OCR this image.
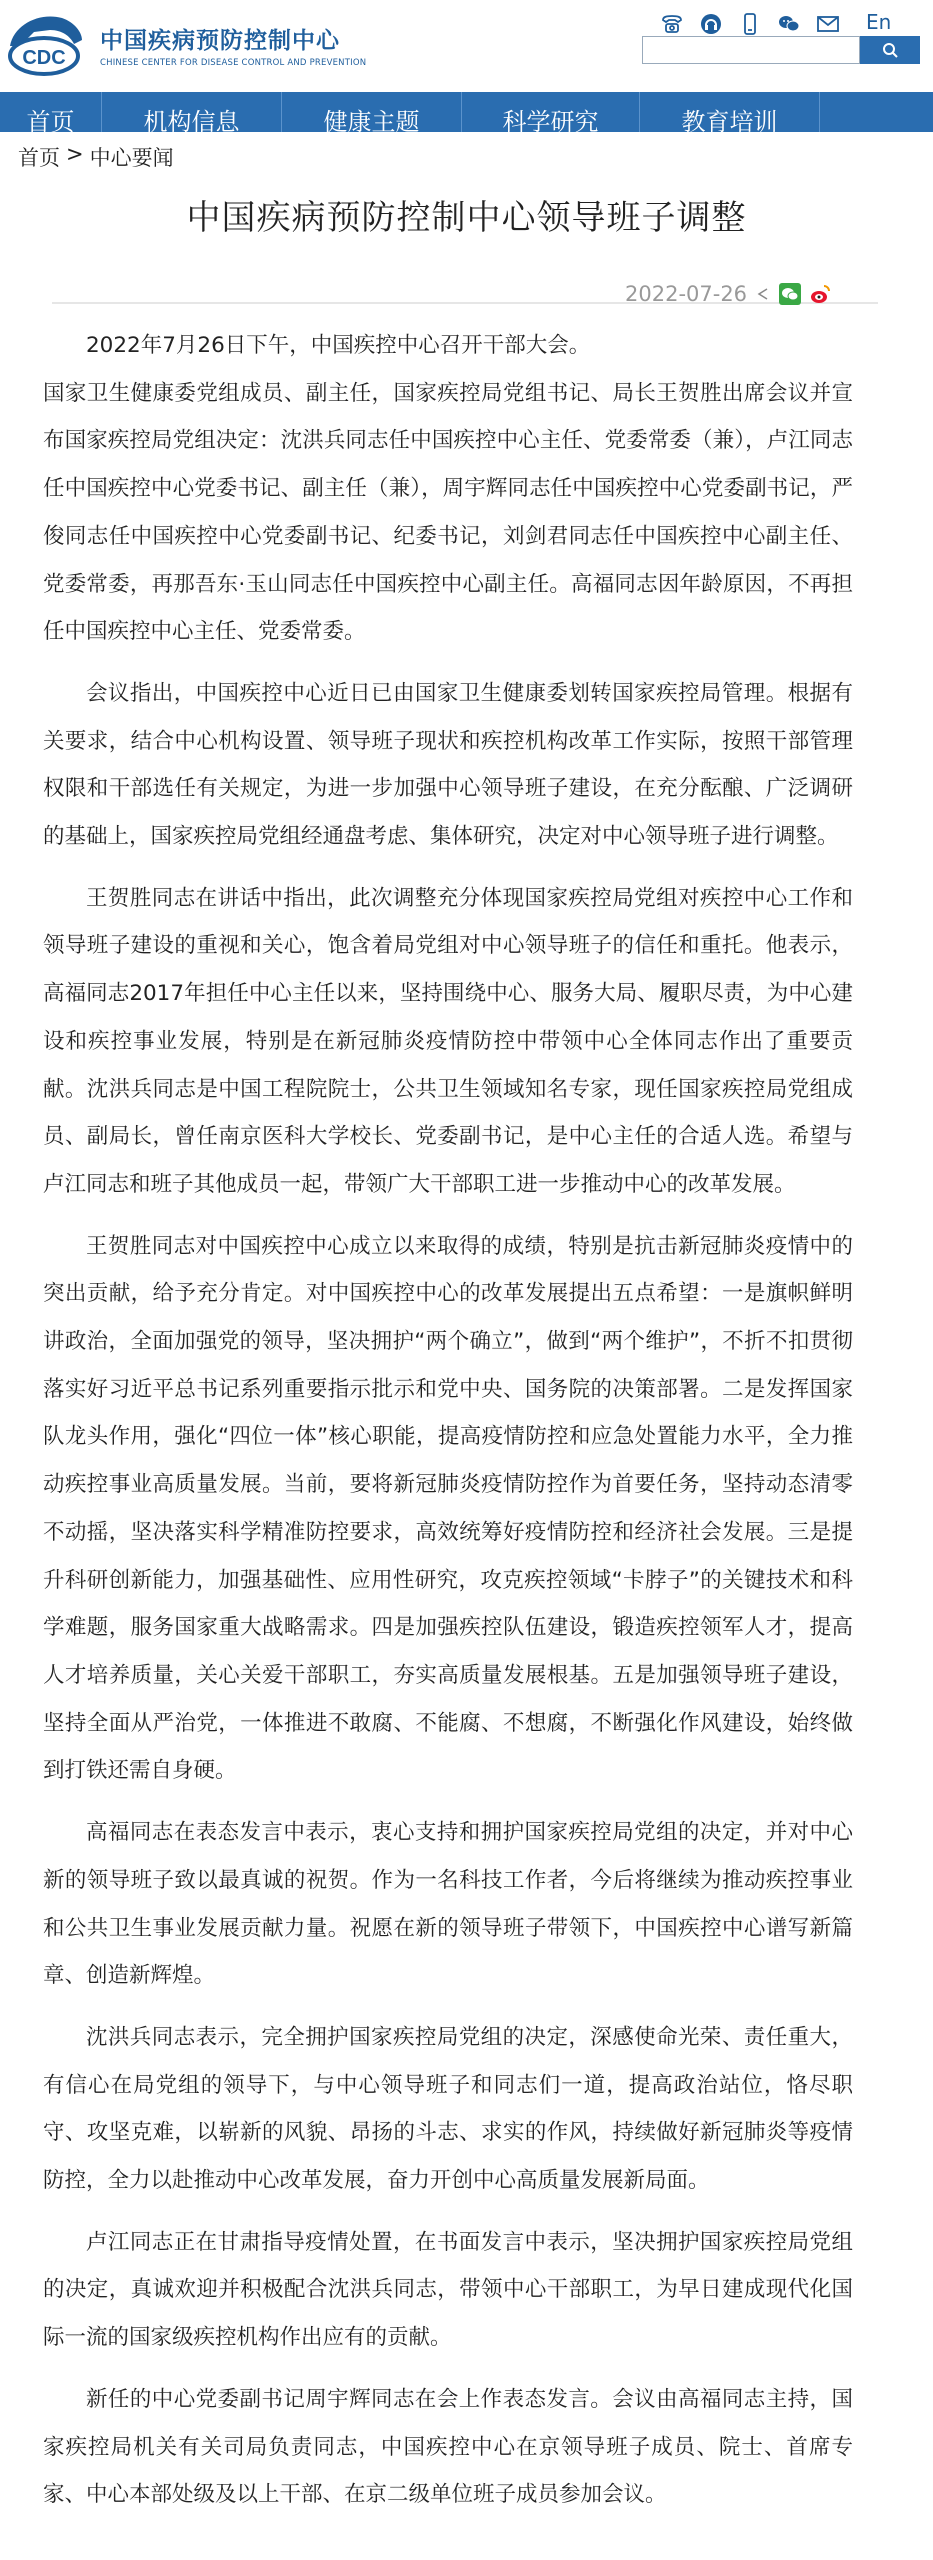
CDC
中国疾病预防控制中心
CHINESE CENTER FOR DISEASE CONTROL AND PREVENTION
En
首页	机构信息	健康主题	科学研究	教育培训
首页 > 中心要闻
中国疾病预防控制中心领导班子调整
2022-07-26

2022年7月26日下午，中国疾控中心召开干部大会。

国家卫生健康委党组成员、副主任，国家疾控局党组书记、局长王贺胜出席会议并宣布国家疾控局党组决定：沈洪兵同志任中国疾控中心主任、党委常委（兼），卢江同志任中国疾控中心党委书记、副主任（兼），周宇辉同志任中国疾控中心党委副书记，严俊同志任中国疾控中心党委副书记、纪委书记，刘剑君同志任中国疾控中心副主任、党委常委，再那吾东·玉山同志任中国疾控中心副主任。高福同志因年龄原因，不再担任中国疾控中心主任、党委常委。

会议指出，中国疾控中心近日已由国家卫生健康委划转国家疾控局管理。根据有关要求，结合中心机构设置、领导班子现状和疾控机构改革工作实际，按照干部管理权限和干部选任有关规定，为进一步加强中心领导班子建设，在充分酝酿、广泛调研的基础上，国家疾控局党组经通盘考虑、集体研究，决定对中心领导班子进行调整。

王贺胜同志在讲话中指出，此次调整充分体现国家疾控局党组对疾控中心工作和领导班子建设的重视和关心，饱含着局党组对中心领导班子的信任和重托。他表示，高福同志2017年担任中心主任以来，坚持围绕中心、服务大局、履职尽责，为中心建设和疾控事业发展，特别是在新冠肺炎疫情防控中带领中心全体同志作出了重要贡献。沈洪兵同志是中国工程院院士，公共卫生领域知名专家，现任国家疾控局党组成员、副局长，曾任南京医科大学校长、党委副书记，是中心主任的合适人选。希望与卢江同志和班子其他成员一起，带领广大干部职工进一步推动中心的改革发展。

王贺胜同志对中国疾控中心成立以来取得的成绩，特别是抗击新冠肺炎疫情中的突出贡献，给予充分肯定。对中国疾控中心的改革发展提出五点希望：一是旗帜鲜明讲政治，全面加强党的领导，坚决拥护“两个确立”，做到“两个维护”，不折不扣贯彻落实好习近平总书记系列重要指示批示和党中央、国务院的决策部署。二是发挥国家队龙头作用，强化“四位一体”核心职能，提高疫情防控和应急处置能力水平，全力推动疾控事业高质量发展。当前，要将新冠肺炎疫情防控作为首要任务，坚持动态清零不动摇，坚决落实科学精准防控要求，高效统筹好疫情防控和经济社会发展。三是提升科研创新能力，加强基础性、应用性研究，攻克疾控领域“卡脖子”的关键技术和科学难题，服务国家重大战略需求。四是加强疾控队伍建设，锻造疾控领军人才，提高人才培养质量，关心关爱干部职工，夯实高质量发展根基。五是加强领导班子建设，坚持全面从严治党，一体推进不敢腐、不能腐、不想腐，不断强化作风建设，始终做到打铁还需自身硬。

高福同志在表态发言中表示，衷心支持和拥护国家疾控局党组的决定，并对中心新的领导班子致以最真诚的祝贺。作为一名科技工作者，今后将继续为推动疾控事业和公共卫生事业发展贡献力量。祝愿在新的领导班子带领下，中国疾控中心谱写新篇章、创造新辉煌。

沈洪兵同志表示，完全拥护国家疾控局党组的决定，深感使命光荣、责任重大，有信心在局党组的领导下，与中心领导班子和同志们一道，提高政治站位，恪尽职守、攻坚克难，以崭新的风貌、昂扬的斗志、求实的作风，持续做好新冠肺炎等疫情防控，全力以赴推动中心改革发展，奋力开创中心高质量发展新局面。

卢江同志正在甘肃指导疫情处置，在书面发言中表示，坚决拥护国家疾控局党组的决定，真诚欢迎并积极配合沈洪兵同志，带领中心干部职工，为早日建成现代化国际一流的国家级疾控机构作出应有的贡献。

新任的中心党委副书记周宇辉同志在会上作表态发言。会议由高福同志主持，国家疾控局机关有关司局负责同志，中国疾控中心在京领导班子成员、院士、首席专家、中心本部处级及以上干部、在京二级单位班子成员参加会议。
